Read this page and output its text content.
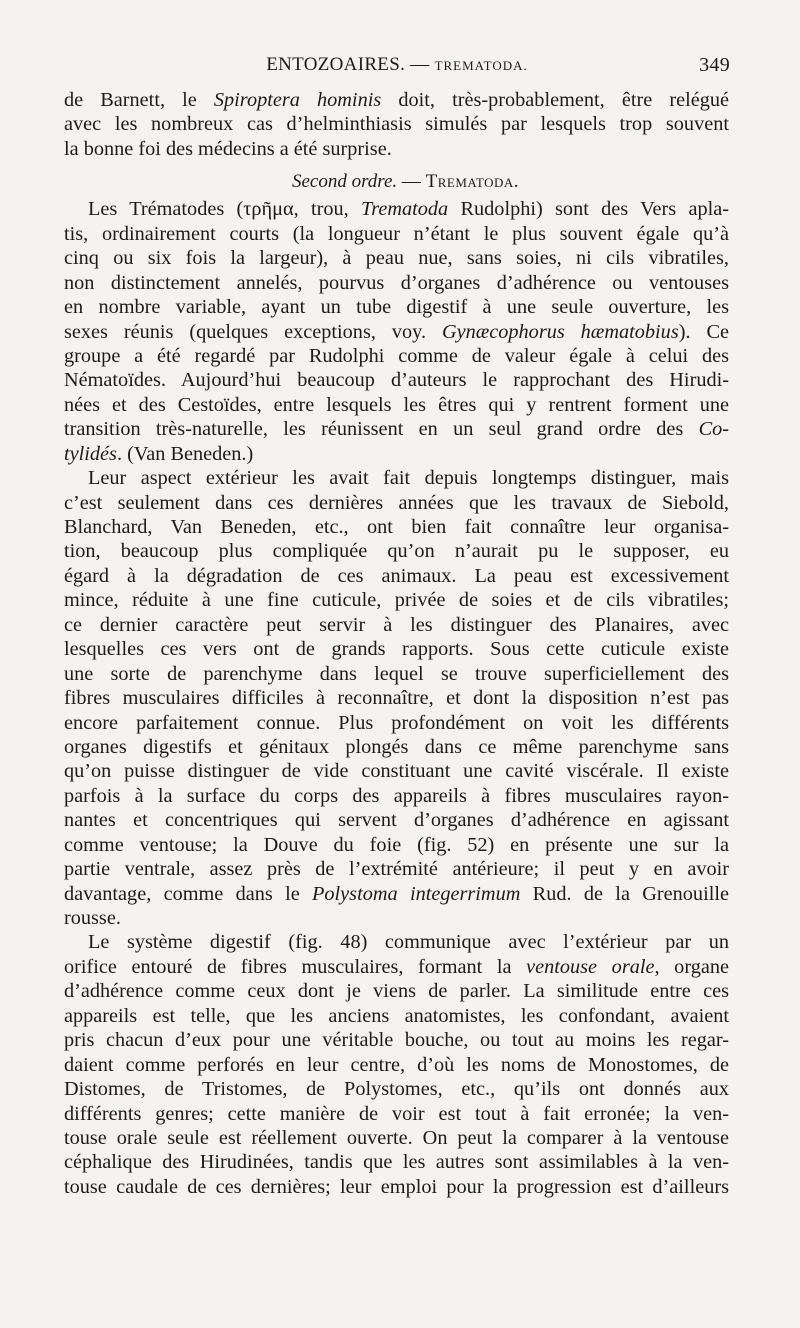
ENTOZOAIRES. — TREMATODA.	349
de Barnett, le Spiroptera hominis doit, très-probablement, être relégué
avec les nombreux cas d’helminthiasis simulés par lesquels trop souvent
la bonne foi des médecins a été surprise.
Second ordre. — Trematoda.
Les Trématodes (τρῆμα, trou, Trematoda Rudolphi) sont des Vers apla-
tis, ordinairement courts (la longueur n’étant le plus souvent égale qu’à
cinq ou six fois la largeur), à peau nue, sans soies, ni cils vibratiles,
non distinctement annelés, pourvus d’organes d’adhérence ou ventouses
en nombre variable, ayant un tube digestif à une seule ouverture, les
sexes réunis (quelques exceptions, voy. Gynæcophorus hæmatobius). Ce
groupe a été regardé par Rudolphi comme de valeur égale à celui des
Nématoïdes. Aujourd’hui beaucoup d’auteurs le rapprochant des Hirudi-
nées et des Cestoïdes, entre lesquels les êtres qui y rentrent forment une
transition très-naturelle, les réunissent en un seul grand ordre des Co-
tylidés. (Van Beneden.)
Leur aspect extérieur les avait fait depuis longtemps distinguer, mais
c’est seulement dans ces dernières années que les travaux de Siebold,
Blanchard, Van Beneden, etc., ont bien fait connaître leur organisa-
tion, beaucoup plus compliquée qu’on n’aurait pu le supposer, eu
égard à la dégradation de ces animaux. La peau est excessivement
mince, réduite à une fine cuticule, privée de soies et de cils vibratiles;
ce dernier caractère peut servir à les distinguer des Planaires, avec
lesquelles ces vers ont de grands rapports. Sous cette cuticule existe
une sorte de parenchyme dans lequel se trouve superficiellement des
fibres musculaires difficiles à reconnaître, et dont la disposition n’est pas
encore parfaitement connue. Plus profondément on voit les différents
organes digestifs et génitaux plongés dans ce même parenchyme sans
qu’on puisse distinguer de vide constituant une cavité viscérale. Il existe
parfois à la surface du corps des appareils à fibres musculaires rayon-
nantes et concentriques qui servent d’organes d’adhérence en agissant
comme ventouse; la Douve du foie (fig. 52) en présente une sur la
partie ventrale, assez près de l’extrémité antérieure; il peut y en avoir
davantage, comme dans le Polystoma integerrimum Rud. de la Grenouille
rousse.
Le système digestif (fig. 48) communique avec l’extérieur par un
orifice entouré de fibres musculaires, formant la ventouse orale, organe
d’adhérence comme ceux dont je viens de parler. La similitude entre ces
appareils est telle, que les anciens anatomistes, les confondant, avaient
pris chacun d’eux pour une véritable bouche, ou tout au moins les regar-
daient comme perforés en leur centre, d’où les noms de Monostomes, de
Distomes, de Tristomes, de Polystomes, etc., qu’ils ont donnés aux
différents genres; cette manière de voir est tout à fait erronée; la ven-
touse orale seule est réellement ouverte. On peut la comparer à la ventouse
céphalique des Hirudinées, tandis que les autres sont assimilables à la ven-
touse caudale de ces dernières; leur emploi pour la progression est d’ailleurs
